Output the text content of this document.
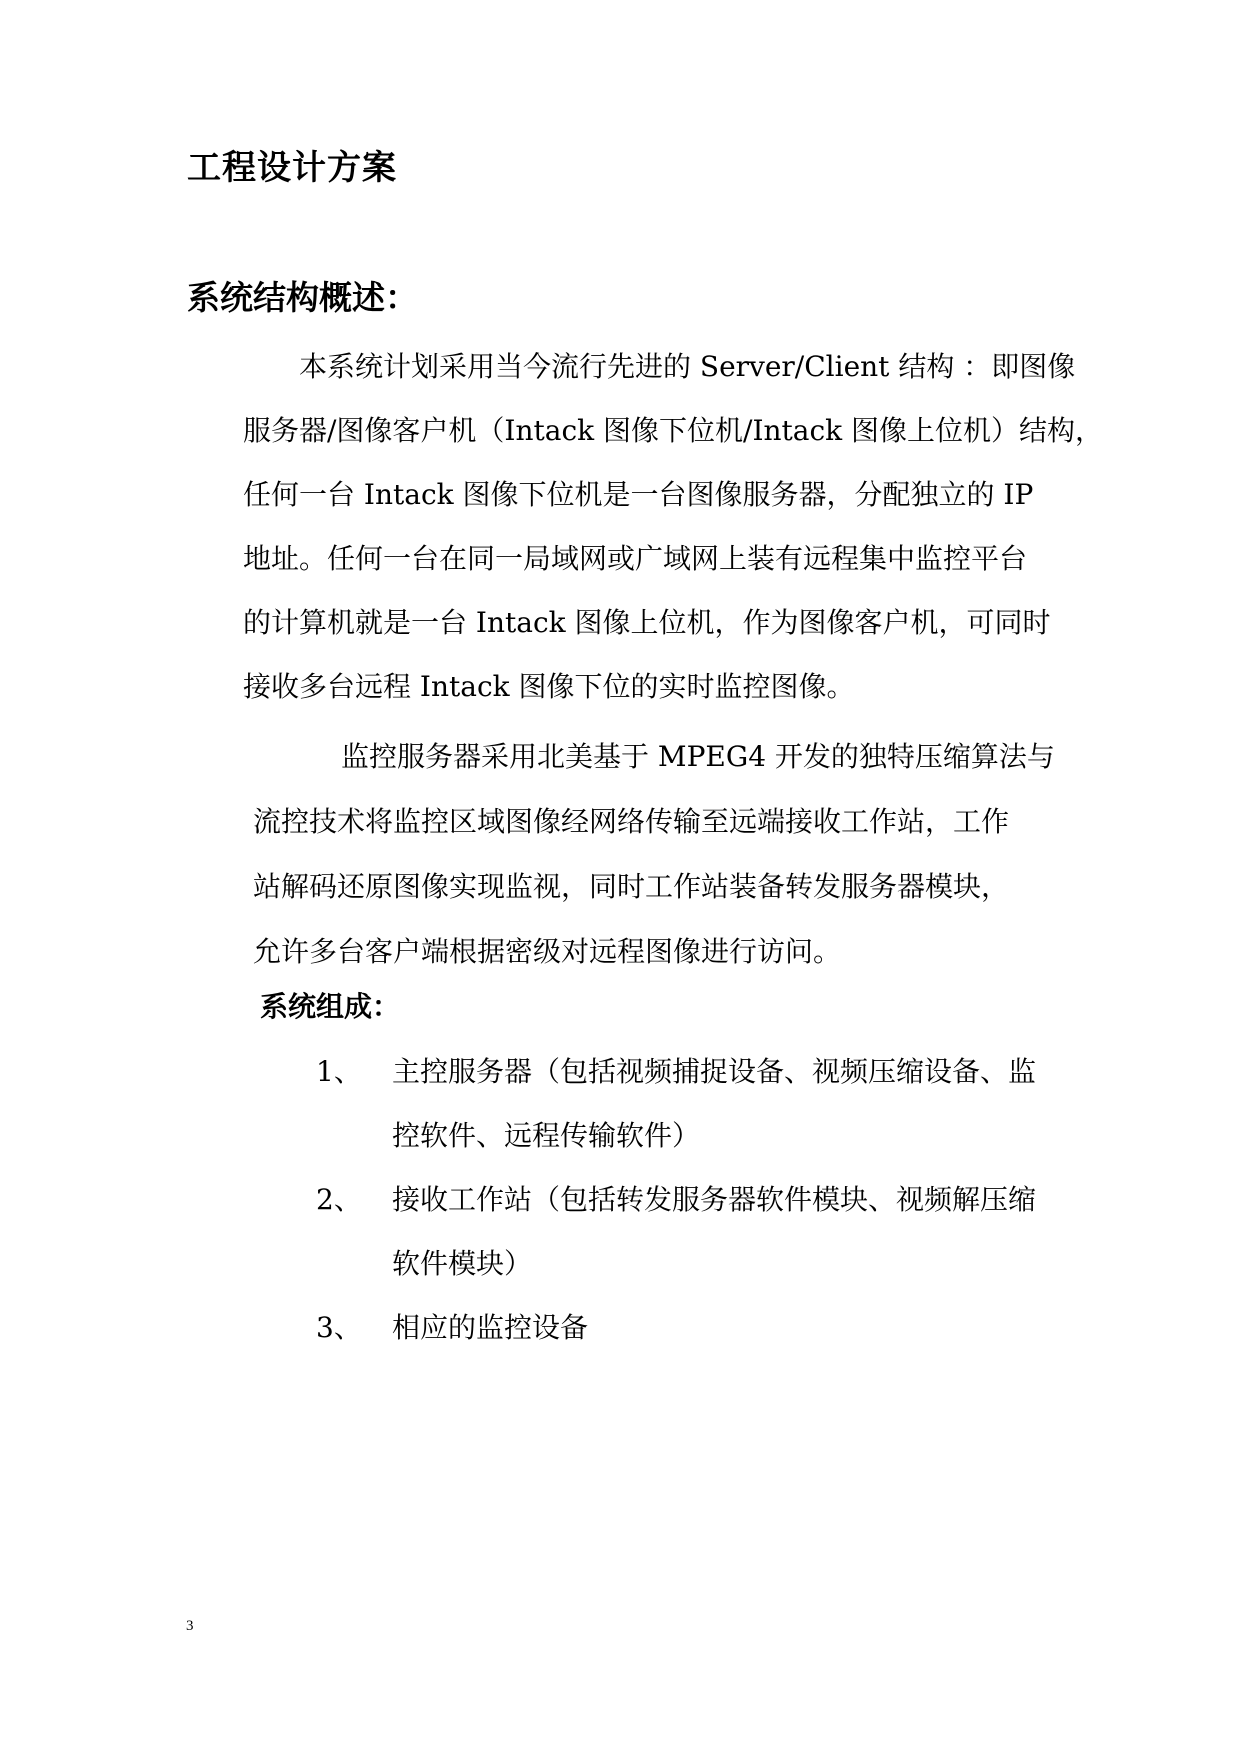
工程设计方案
系统结构概述：
本系统计划采用当今流行先进的 Server/Client 结构 ：即图像
服务器/图像客户机（Intack 图像下位机/Intack 图像上位机）结构，
任何一台 Intack 图像下位机是一台图像服务器，分配独立的 IP
地址。任何一台在同一局域网或广域网上装有远程集中监控平台
的计算机就是一台 Intack 图像上位机，作为图像客户机，可同时
接收多台远程 Intack 图像下位的实时监控图像。
监控服务器采用北美基于 MPEG4 开发的独特压缩算法与
流控技术将监控区域图像经网络传输至远端接收工作站，工作
站解码还原图像实现监视，同时工作站装备转发服务器模块，
允许多台客户端根据密级对远程图像进行访问。
系统组成：
1、 主控服务器（包括视频捕捉设备、视频压缩设备、监
控软件、远程传输软件）
2、 接收工作站（包括转发服务器软件模块、视频解压缩
软件模块）
3、 相应的监控设备
3
